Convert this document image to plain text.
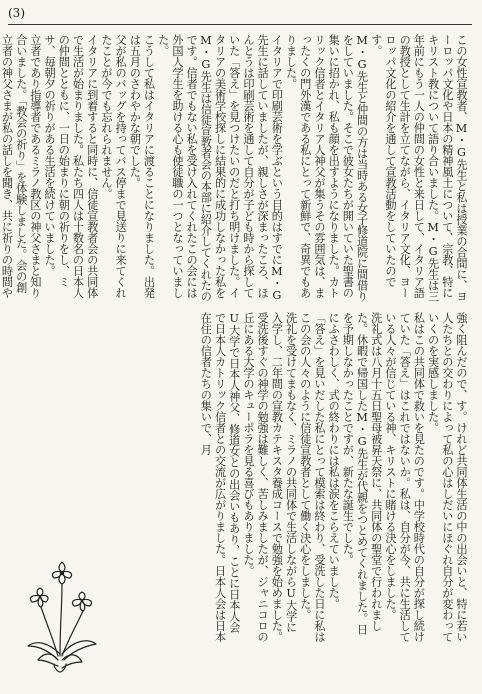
(3)

この女性宣教者、M・G先生と私は授業の合間に、ヨーロッパ文化や日本の精神風土について、宗教、特にキリスト教について語り合いました。M・G先生は三年前にもう一人の仲間の女性と来日して、イタリア語の教授として生計を立てながら、イタリア文化、ヨーロッパ文化の紹介を通して宣教活動をしていたのです。

M・G先生と仲間の方は当時ある女子修道院に間借りをしていました。そこで彼女たちが開いていた聖書の集いに招かれ、私も顔を出すようになりました。カトリック信者とイタリア人神父が集うその雰囲気は、まったくの門外漢である私にとって新鮮で、奇異でもありました。

イタリアで印刷芸術を学ぶという目的はすでにM・G先生に話していましたが、親しさが深まったころ、ほんとうは印刷芸術を通して自分が子ども時から探していた「答え」を見つけたいのだと打ち明けました。イタリアの美術学校探しに結果的に成功しなかった私をM・G先生は信徒宣教者会の本部に紹介してくれたのです。信者でもない私を受け入れてくれたこの会には外国人学生を助ける心も使徒職の一つとなっていました。

こうして私はイタリアに渡ることになりました。出発は五月のさわやかな朝でした。

父が私のバッグを持ってバス停まで見送りに来てくれたことが今でも忘れられません。

イタリアに到着すると同時に、信徒宣教者会の共同体で生活が始まりました。私たち四人は十数名の日本人の仲間とともに、一日の始まりに朝の祈りをし、ミサ、毎朝夕の祈りがある生活を続けていました。

立者であり指導者であるミラノ教区の神父さまと知り合いました。「教会の祈り」を体験しました。会の創立者の神父さまが私の話しを聞き、共に祈りの時間や

強く阻んだので、す。けれど共同体生活の中の出会いと、特に若い人たちとの交わりによって私の心はしだいにほぐれ自分が変わっていくのを実感しました。

私はこの共同体で救いを見たのです。中学校時代の自分が探し続けていた「答え」はこれではないか。私は、自分が今、共に生活している人々が信じている神、キリストに賭ける決心をしました。

洗礼式は八月十五日聖母被昇天祭に、共同体の聖堂で行われました。休暇で帰国したM・G先生が代親をつとめてくれました。日を予期しなかったことですが、新たな誕生でした。

にふさわしく、式の終わりには私は涙をこらえていました。

「答え」を見いだした私にとって模索は終わり、受洗した日に私はこの会の人々のように信徒宣教者として働く決心をしました。

洗礼を受けてまもなく、ミラノの共同体で生活しながらU大学に入学し、二年間の宣教カテキスタ養成コースで勉強を始めました。受洗後すぐの神学の勉強は難しく、苦しみましたが、ジャニコロの丘にある大学のキューポラを見る喜びもありました。

U大学で日本人神父、修道女との出会いもあり、ことに日本人会で日本人カトリック信者との交流が広がりました。日本人会は日本在住の信者たちの集いで、月
